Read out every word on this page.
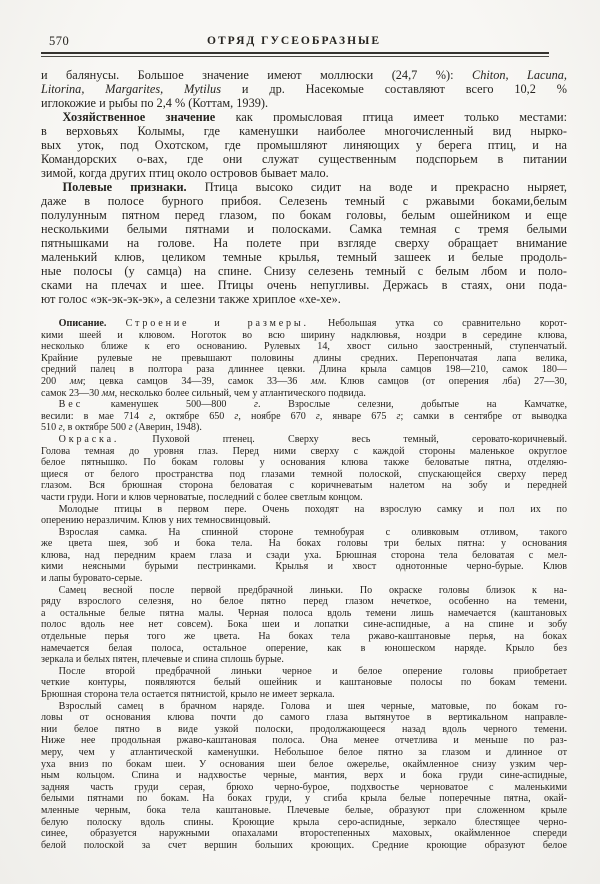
570	ОТРЯД ГУСЕОБРАЗНЫЕ
и балянусы. Большое значение имеют моллюски (24,7 %): Chiton, Lacuna,
Litorina, Margarites, Mytilus и др. Насекомые составляют всего 10,2 %
иглокожие и рыбы по 2,4 % (Коттам, 1939).
Хозяйственное значение как промысловая птица имеет только местами:
в верховьях Колымы, где каменушки наиболее многочисленный вид нырко-
вых уток, под Охотском, где промышляют линяющих у берега птиц, и на
Командорских о-вах, где они служат существенным подспорьем в питании
зимой, когда других птиц около островов бывает мало.
Полевые признаки. Птица высоко сидит на воде и прекрасно ныряет,
даже в полосе бурного прибоя. Селезень темный с ржавыми боками,белым
полулунным пятном перед глазом, по бокам головы, белым ошейником и еще
несколькими белыми пятнами и полосками. Самка темная с тремя белыми
пятнышками на голове. На полете при взгляде сверху обращает внимание
маленький клюв, целиком темные крылья, темный зашеек и белые продоль-
ные полосы (у самца) на спине. Снизу селезень темный с белым лбом и поло-
сками на плечах и шее. Птицы очень непугливы. Держась в стаях, они пода-
ют голос «эк-эк-эк-эк», а селезни также хриплое «хе-хе».
Описание. Строение и размеры. Небольшая утка со сравнительно корот-
кими шеей и клювом. Ноготок во всю ширину надклювья, ноздри в середине клюва,
несколько ближе к его основанию. Рулевых 14, хвост сильно заостренный, ступенчатый.
Крайние рулевые не превышают половины длины средних. Перепончатая лапа велика,
средний палец в полтора раза длиннее цевки. Длина крыла самцов 198—210, самок 180—
200 мм; цевка самцов 34—39, самок 33—36 мм. Клюв самцов (от оперения лба) 27—30,
самок 23—30 мм, несколько более сильный, чем у атлантического подвида.
Вес каменушек 500—800 г. Взрослые селезни, добытые на Камчатке,
весили: в мае 714 г, октябре 650 г, ноябре 670 г, январе 675 г; самки в сентябре от выводка
510 г, в октябре 500 г (Аверин, 1948).
Окраска. Пуховой птенец. Сверху весь темный, серовато-коричневый.
Голова темная до уровня глаз. Перед ними сверху с каждой стороны маленькое округлое
белое пятнышко. По бокам головы у основания клюва также беловатые пятна, отделяю-
щиеся от белого пространства под глазами темной полоской, спускающейся сверху перед
глазом. Вся брюшная сторона беловатая с коричневатым налетом на зобу и передней
части груди. Ноги и клюв черноватые, последний с более светлым концом.
Молодые птицы в первом пере. Очень походят на взрослую самку и пол их по
оперению неразличим. Клюв у них темносвинцовый.
Взрослая самка. На спинной стороне темнобурая с оливковым отливом, такого
же цвета шея, зоб и бока тела. На боках головы три белых пятна: у основания
клюва, над передним краем глаза и сзади уха. Брюшная сторона тела беловатая с мел-
кими неясными бурыми пестринками. Крылья и хвост однотонные черно-бурые. Клюв
и лапы буровато-серые.
Самец весной после первой предбрачной линьки. По окраске головы близок к на-
ряду взрослого селезня, но белое пятно перед глазом нечеткое, особенно на темени,
а остальные белые пятна малы. Черная полоса вдоль темени лишь намечается (каштановых
полос вдоль нее нет совсем). Бока шеи и лопатки сине-аспидные, а на спине и зобу
отдельные перья того же цвета. На боках тела ржаво-каштановые перья, на боках
намечается белая полоса, остальное оперение, как в юношеском наряде. Крыло без
зеркала и белых пятен, плечевые и спина сплошь бурые.
После второй предбрачной линьки черное и белое оперение головы приобретает
четкие контуры, появляются белый ошейник и каштановые полосы по бокам темени.
Брюшная сторона тела остается пятнистой, крыло не имеет зеркала.
Взрослый самец в брачном наряде. Голова и шея черные, матовые, по бокам го-
ловы от основания клюва почти до самого глаза вытянутое в вертикальном направле-
нии белое пятно в виде узкой полоски, продолжающееся назад вдоль черного темени.
Ниже нее продольная ржаво-каштановая полоса. Она менее отчетлива и меньше по раз-
меру, чем у атлантической каменушки. Небольшое белое пятно за глазом и длинное от
уха вниз по бокам шеи. У основания шеи белое ожерелье, окаймленное снизу узким чер-
ным кольцом. Спина и надхвостье черные, мантия, верх и бока груди сине-аспидные,
задняя часть груди серая, брюхо черно-бурое, подхвостье черноватое с маленькими
белыми пятнами по бокам. На боках груди, у сгиба крыла белые поперечные пятна, окай-
мленные черным, бока тела каштановые. Плечевые белые, образуют при сложенном крыле
белую полоску вдоль спины. Кроющие крыла серо-аспидные, зеркало блестящее черно-
синее, образуется наружными опахалами второстепенных маховых, окаймленное спереди
белой полоской за счет вершин больших кроющих. Средние кроющие образуют белое
